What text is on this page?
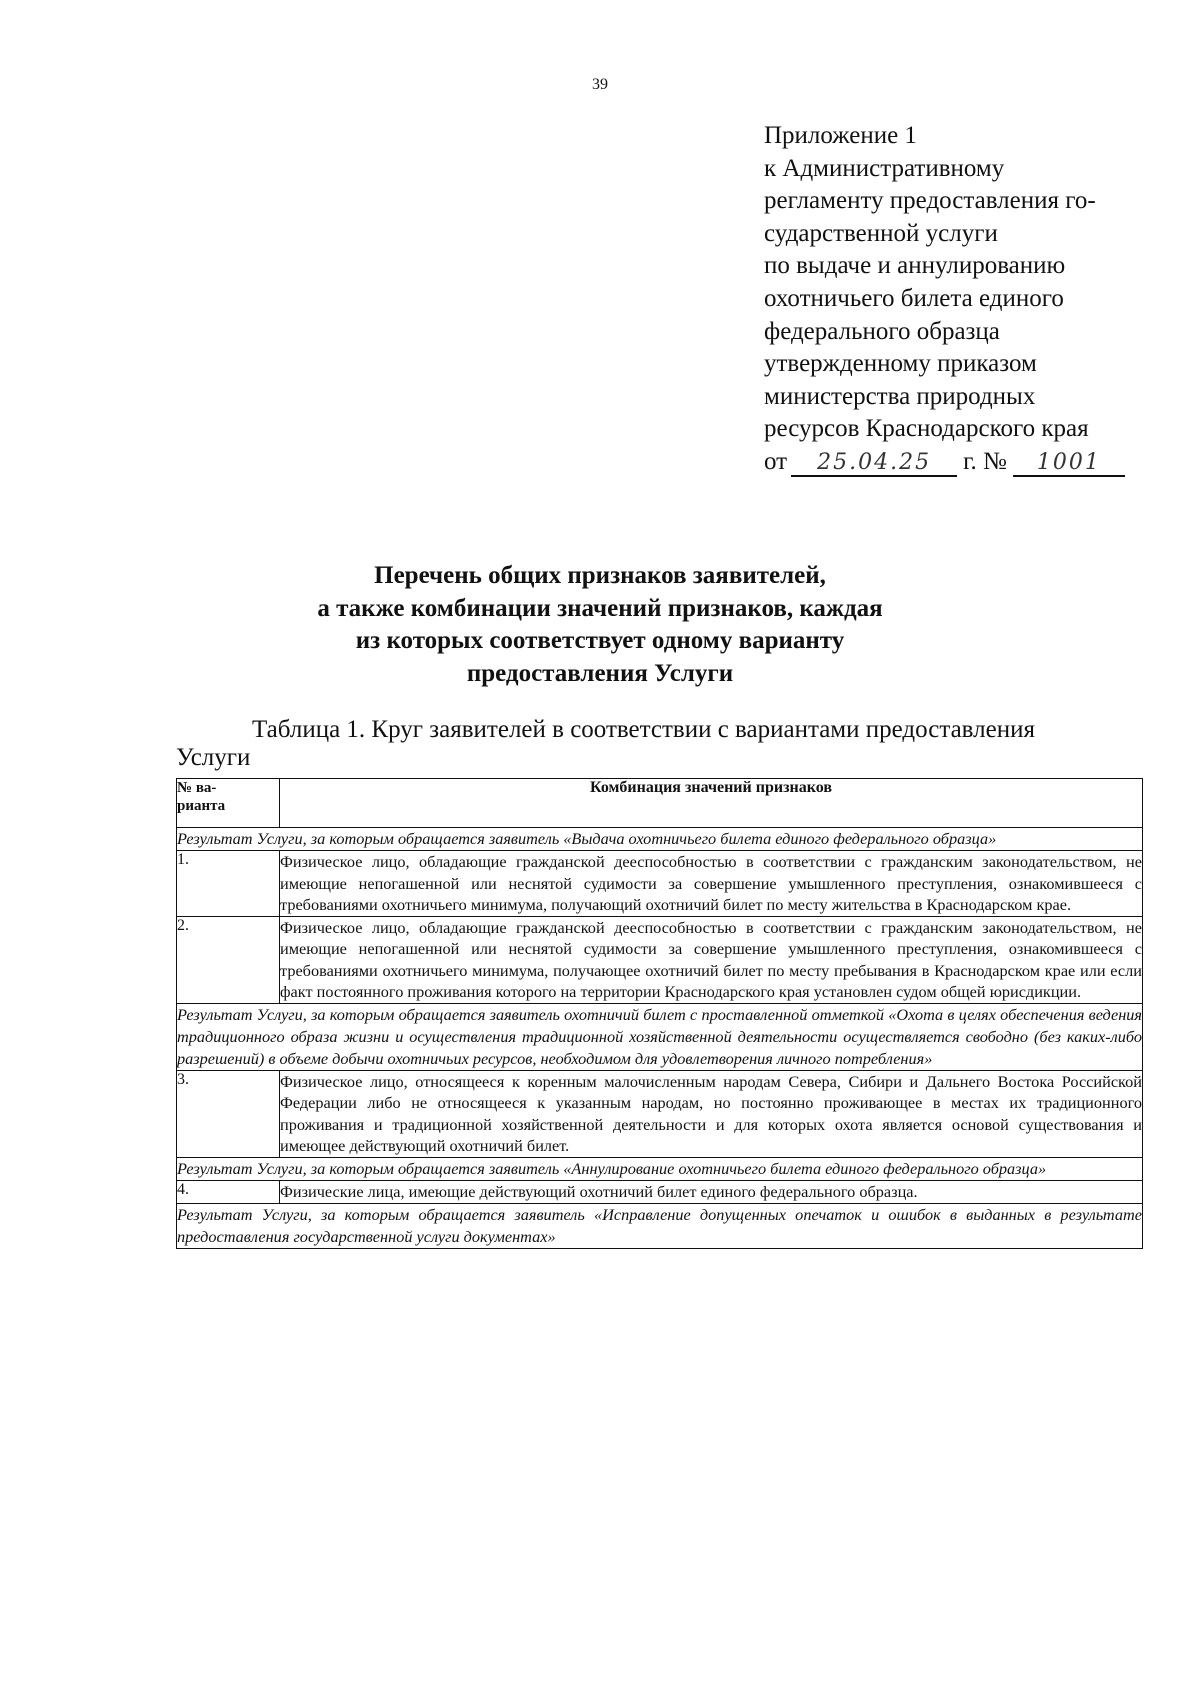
39
Приложение 1
к Административному
регламенту предоставления го-
сударственной услуги
по выдаче и аннулированию
охотничьего билета единого
федерального образца
утвержденному приказом
министерства природных
ресурсов Краснодарского края
от	25.04.25	г. №	1001
Перечень общих признаков заявителей,
а также комбинации значений признаков, каждая
из которых соответствует одному варианту
предоставления Услуги
Таблица 1. Круг заявителей в соответствии с вариантами предоставления
Услуги
№ ва-
рианта	Комбинация значений признаков
Результат Услуги, за которым обращается заявитель «Выдача охотничьего билета единого федерального образца»	
1.	Физическое лицо, обладающие гражданской дееспособностью в соответствии с гражданским законодательством, не имеющие непогашенной или неснятой судимости за совершение умышленного преступления, ознакомившееся с требованиями охотничьего минимума, получающий охотничий билет по месту жительства в Краснодарском крае.
2.	Физическое лицо, обладающие гражданской дееспособностью в соответствии с гражданским законодательством, не имеющие непогашенной или неснятой судимости за совершение умышленного преступления, ознакомившееся с требованиями охотничьего минимума, получающее охотничий билет по месту пребывания в Краснодарском крае или если факт постоянного проживания которого на территории Краснодарского края установлен судом общей юрисдикции.
Результат Услуги, за которым обращается заявитель охотничий билет с проставленной отметкой «Охота в целях обеспечения ведения традиционного образа жизни и осуществления традиционной хозяйственной деятельности осуществляется свободно (без каких-либо разрешений) в объеме добычи охотничьих ресурсов, необходимом для удовлетворения личного потребления»	
3.	Физическое лицо, относящееся к коренным малочисленным народам Севера, Сибири и Дальнего Востока Российской Федерации либо не относящееся к указанным народам, но постоянно проживающее в местах их традиционного проживания и традиционной хозяйственной деятельности и для которых охота является основой существования и имеющее действующий охотничий билет.
Результат Услуги, за которым обращается заявитель «Аннулирование охотничьего билета единого федерального образца»	
4.	Физические лица, имеющие действующий охотничий билет единого федерального образца.
Результат Услуги, за которым обращается заявитель «Исправление допущенных опечаток и ошибок в выданных в результате предоставления государственной услуги документах»	
